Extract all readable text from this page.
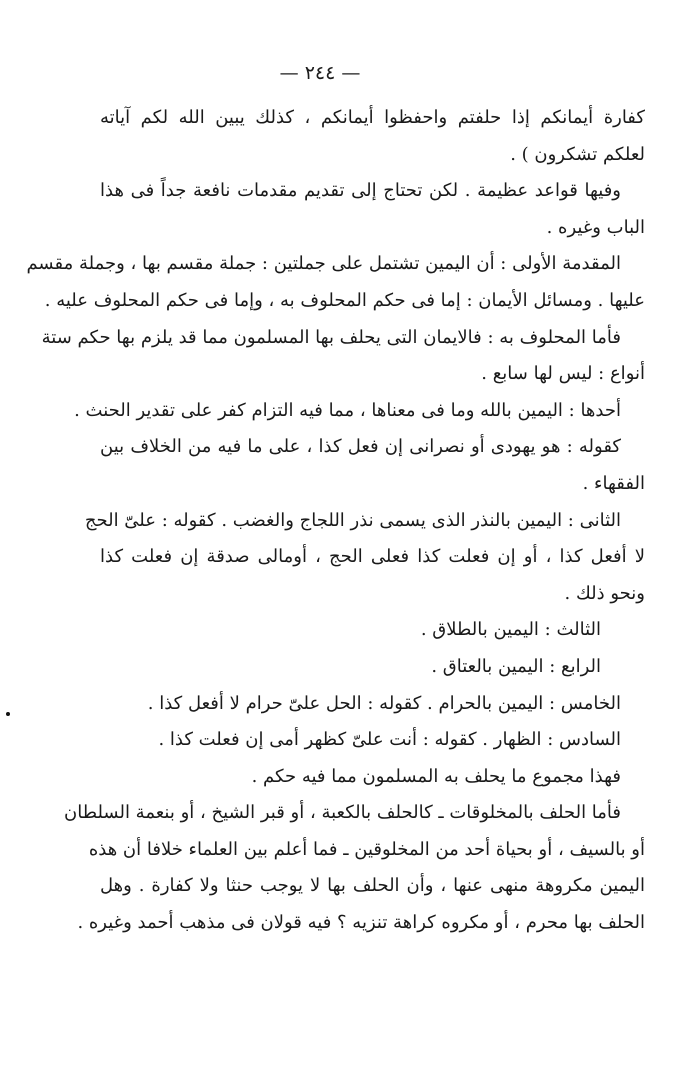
— ٢٤٤ —
كفارة أيمانكم إذا حلفتم واحفظوا أيمانكم ، كذلك يبين الله لكم آياته
لعلكم تشكرون ) .
وفيها قواعد عظيمة . لكن تحتاج إلى تقديم مقدمات نافعة جداً فى هذا
الباب وغيره .
المقدمة الأولى : أن اليمين تشتمل على جملتين : جملة مقسم بها ، وجملة مقسم
عليها . ومسائل الأيمان : إما فى حكم المحلوف به ، وإما فى حكم المحلوف عليه .
فأما المحلوف به : فالايمان التى يحلف بها المسلمون مما قد يلزم بها حكم ستة
أنواع : ليس لها سابع .
أحدها : اليمين بالله وما فى معناها ، مما فيه التزام كفر على تقدير الحنث .
كقوله : هو يهودى أو نصرانى إن فعل كذا ، على ما فيه من الخلاف بين
الفقهاء .
الثانى : اليمين بالنذر الذى يسمى نذر اللجاج والغضب . كقوله : علىّ الحج
لا أفعل كذا ، أو إن فعلت كذا فعلى الحج ، أومالى صدقة إن فعلت كذا
ونحو ذلك .
الثالث : اليمين بالطلاق .
الرابع : اليمين بالعتاق .
الخامس : اليمين بالحرام . كقوله : الحل علىّ حرام لا أفعل كذا .
السادس : الظهار . كقوله : أنت علىّ كظهر أمى إن فعلت كذا .
فهذا مجموع ما يحلف به المسلمون مما فيه حكم .
فأما الحلف بالمخلوقات ـ كالحلف بالكعبة ، أو قبر الشيخ ، أو بنعمة السلطان
أو بالسيف ، أو بحياة أحد من المخلوقين ـ فما أعلم بين العلماء خلافا أن هذه
اليمين مكروهة منهى عنها ، وأن الحلف بها لا يوجب حنثا ولا كفارة . وهل
الحلف بها محرم ، أو مكروه كراهة تنزيه ؟ فيه قولان فى مذهب أحمد وغيره .
